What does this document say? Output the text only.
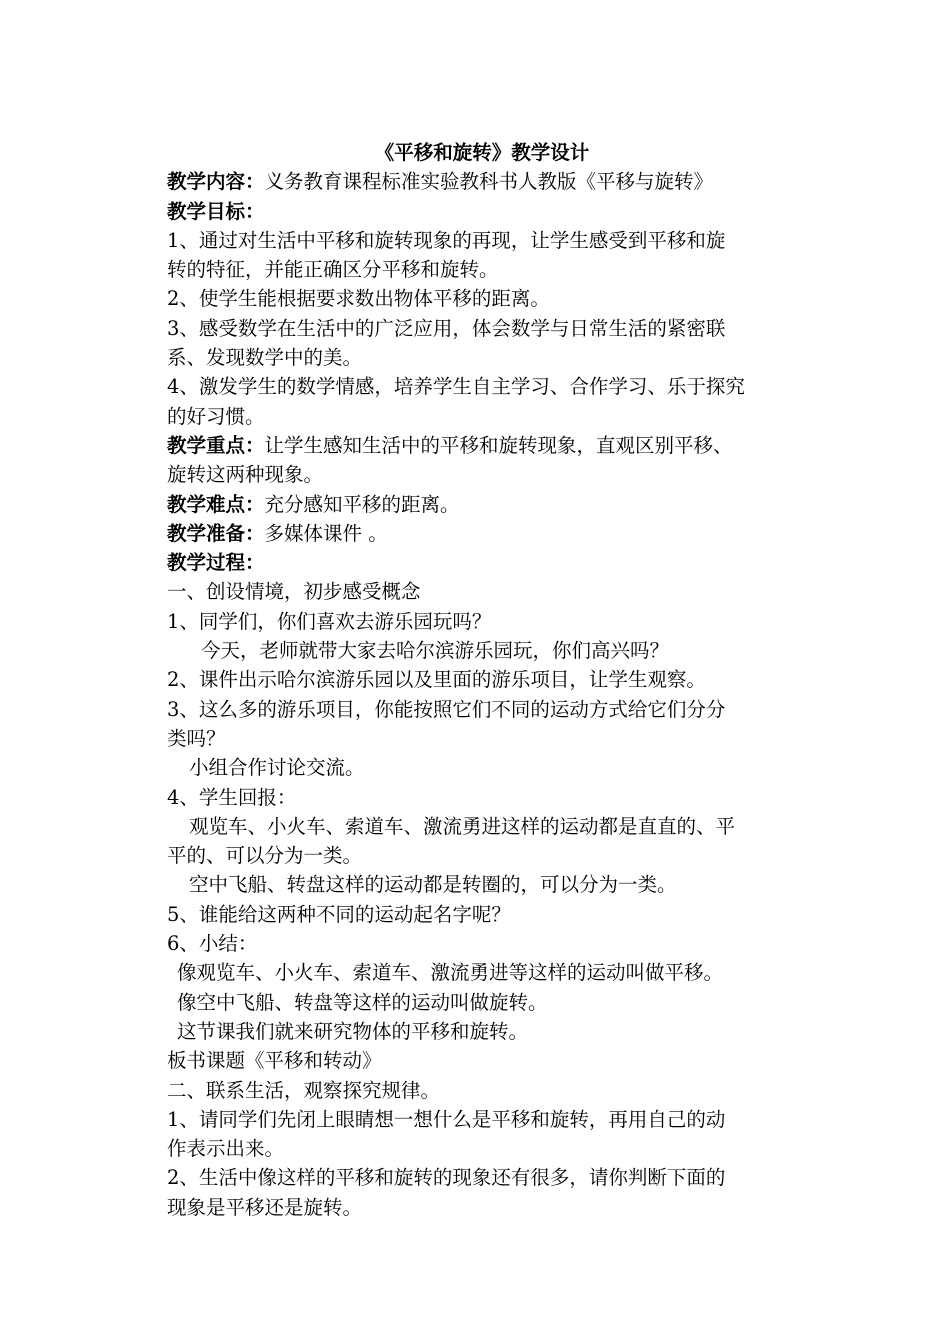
《平移和旋转》教学设计
教学内容：义务教育课程标准实验教科书人教版《平移与旋转》
教学目标：
1、通过对生活中平移和旋转现象的再现，让学生感受到平移和旋
转的特征，并能正确区分平移和旋转。
2、使学生能根据要求数出物体平移的距离。
3、感受数学在生活中的广泛应用，体会数学与日常生活的紧密联
系、发现数学中的美。
4、激发学生的数学情感，培养学生自主学习、合作学习、乐于探究
的好习惯。
教学重点：让学生感知生活中的平移和旋转现象，直观区别平移、
旋转这两种现象。
教学难点：充分感知平移的距离。
教学准备：多媒体课件 。
教学过程：
一、创设情境，初步感受概念
1、同学们，你们喜欢去游乐园玩吗？
今天，老师就带大家去哈尔滨游乐园玩，你们高兴吗？
2、课件出示哈尔滨游乐园以及里面的游乐项目，让学生观察。
3、这么多的游乐项目，你能按照它们不同的运动方式给它们分分
类吗？
小组合作讨论交流。
4、学生回报：
观览车、小火车、索道车、激流勇进这样的运动都是直直的、平
平的、可以分为一类。
空中飞船、转盘这样的运动都是转圈的，可以分为一类。
5、谁能给这两种不同的运动起名字呢？
6、小结：
像观览车、小火车、索道车、激流勇进等这样的运动叫做平移。
像空中飞船、转盘等这样的运动叫做旋转。
这节课我们就来研究物体的平移和旋转。
板书课题《平移和转动》
二、联系生活，观察探究规律。
1、请同学们先闭上眼睛想一想什么是平移和旋转，再用自己的动
作表示出来。
2、生活中像这样的平移和旋转的现象还有很多，请你判断下面的
现象是平移还是旋转。
